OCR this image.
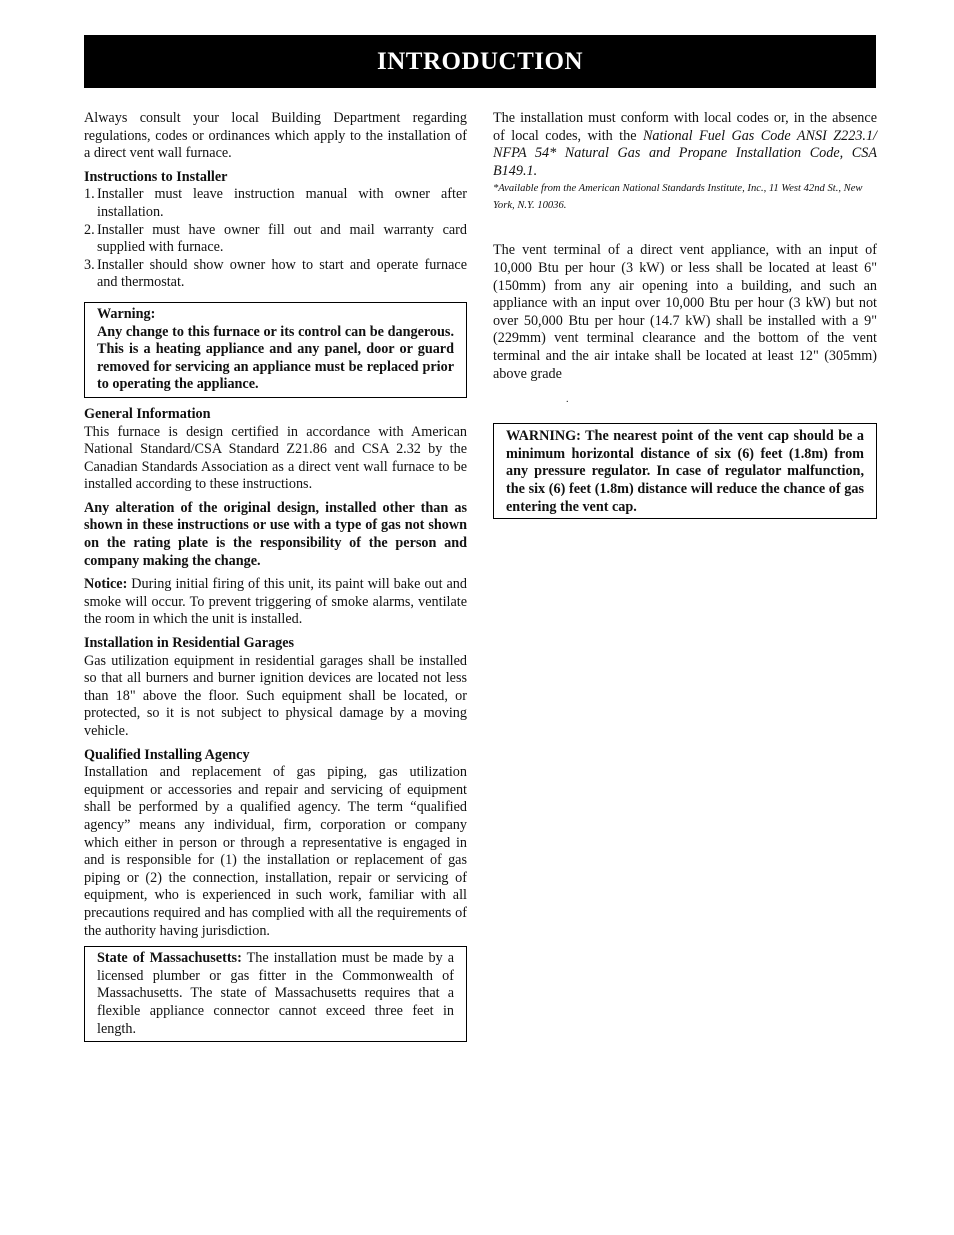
INTRODUCTION

Always consult your local Building Department regarding regulations, codes or ordinances which apply to the installation of a direct vent wall furnace.

Instructions to Installer

1. Installer must leave instruction manual with owner after installation.
2. Installer must have owner fill out and mail warranty card supplied with furnace.
3. Installer should show owner how to start and operate furnace and thermostat.

Warning:

Any change to this furnace or its control can be dangerous. This is a heating appliance and any panel, door or guard removed for servicing an appliance must be replaced prior to operating the appliance.

General Information

This furnace is design certified in accordance with American National Standard/CSA Standard Z21.86 and CSA 2.32 by the Canadian Standards Association as a direct vent wall furnace to be installed according to these instructions.

Any alteration of the original design, installed other than as shown in these instructions or use with a type of gas not shown on the rating plate is the responsibility of the person and company making the change.

Notice: During initial firing of this unit, its paint will bake out and smoke will occur. To prevent triggering of smoke alarms, ventilate the room in which the unit is installed.

Installation in Residential Garages

Gas utilization equipment in residential garages shall be installed so that all burners and burner ignition devices are located not less than 18" above the floor. Such equipment shall be located, or protected, so it is not subject to physical damage by a moving vehicle.

Qualified Installing Agency

Installation and replacement of gas piping, gas utilization equipment or accessories and repair and servicing of equipment shall be performed by a qualified agency. The term “qualified agency” means any individual, firm, corporation or company which either in person or through a representative is engaged in and is responsible for (1) the installation or replacement of gas piping or (2) the connection, installation, repair or servicing of equipment, who is experienced in such work, familiar with all precautions required and has complied with all the requirements of the authority having jurisdiction.

State of Massachusetts: The installation must be made by a licensed plumber or gas fitter in the Commonwealth of Massachusetts. The state of Massachusetts requires that a flexible appliance connector cannot exceed three feet in length.

The installation must conform with local codes or, in the absence of local codes, with the National Fuel Gas Code ANSI Z223.1/ NFPA 54* Natural Gas and Propane Installation Code, CSA B149.1.

*Available from the American National Standards Institute, Inc., 11 West 42nd St., New York, N.Y. 10036.

The vent terminal of a direct vent appliance, with an input of 10,000 Btu per hour (3 kW) or less shall be located at least 6" (150mm) from any air opening into a building, and such an appliance with an input over 10,000 Btu per hour (3 kW) but not over 50,000 Btu per hour (14.7 kW) shall be installed with a 9" (229mm) vent terminal clearance and the bottom of the vent terminal and the air intake shall be located at least 12" (305mm) above grade

.

WARNING: The nearest point of the vent cap should be a minimum horizontal distance of six (6) feet (1.8m) from any pressure regulator. In case of regulator malfunction, the six (6) feet (1.8m) distance will reduce the chance of gas entering the vent cap.
